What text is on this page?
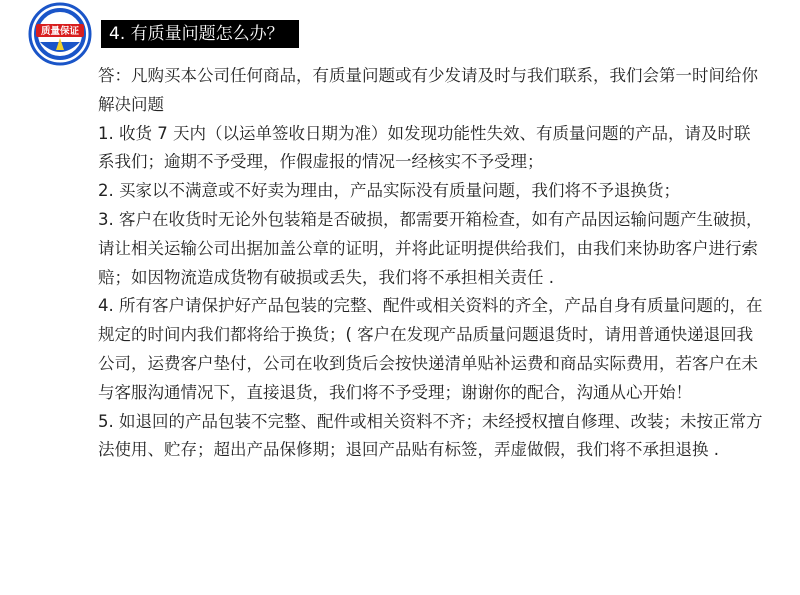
质量保证	4. 有质量问题怎么办？

答：凡购买本公司任何商品，有质量问题或有少发请及时与我们联系，我们会第一时间给你解决问题

1. 收货 7 天内（以运单签收日期为准）如发现功能性失效、有质量问题的产品，请及时联系我们；逾期不予受理，作假虚报的情况一经核实不予受理；

2. 买家以不满意或不好卖为理由，产品实际没有质量问题，我们将不予退换货；

3. 客户在收货时无论外包装箱是否破损，都需要开箱检查，如有产品因运输问题产生破损，请让相关运输公司出据加盖公章的证明，并将此证明提供给我们，由我们来协助客户进行索赔；如因物流造成货物有破损或丢失，我们将不承担相关责任 .

4. 所有客户请保护好产品包装的完整、配件或相关资料的齐全，产品自身有质量问题的，在规定的时间内我们都将给于换货；( 客户在发现产品质量问题退货时，请用普通快递退回我公司，运费客户垫付，公司在收到货后会按快递清单贴补运费和商品实际费用，若客户在未与客服沟通情况下，直接退货，我们将不予受理；谢谢你的配合，沟通从心开始！

5. 如退回的产品包装不完整、配件或相关资料不齐；未经授权擅自修理、改装；未按正常方法使用、贮存；超出产品保修期；退回产品贴有标签，弄虚做假，我们将不承担退换 .
